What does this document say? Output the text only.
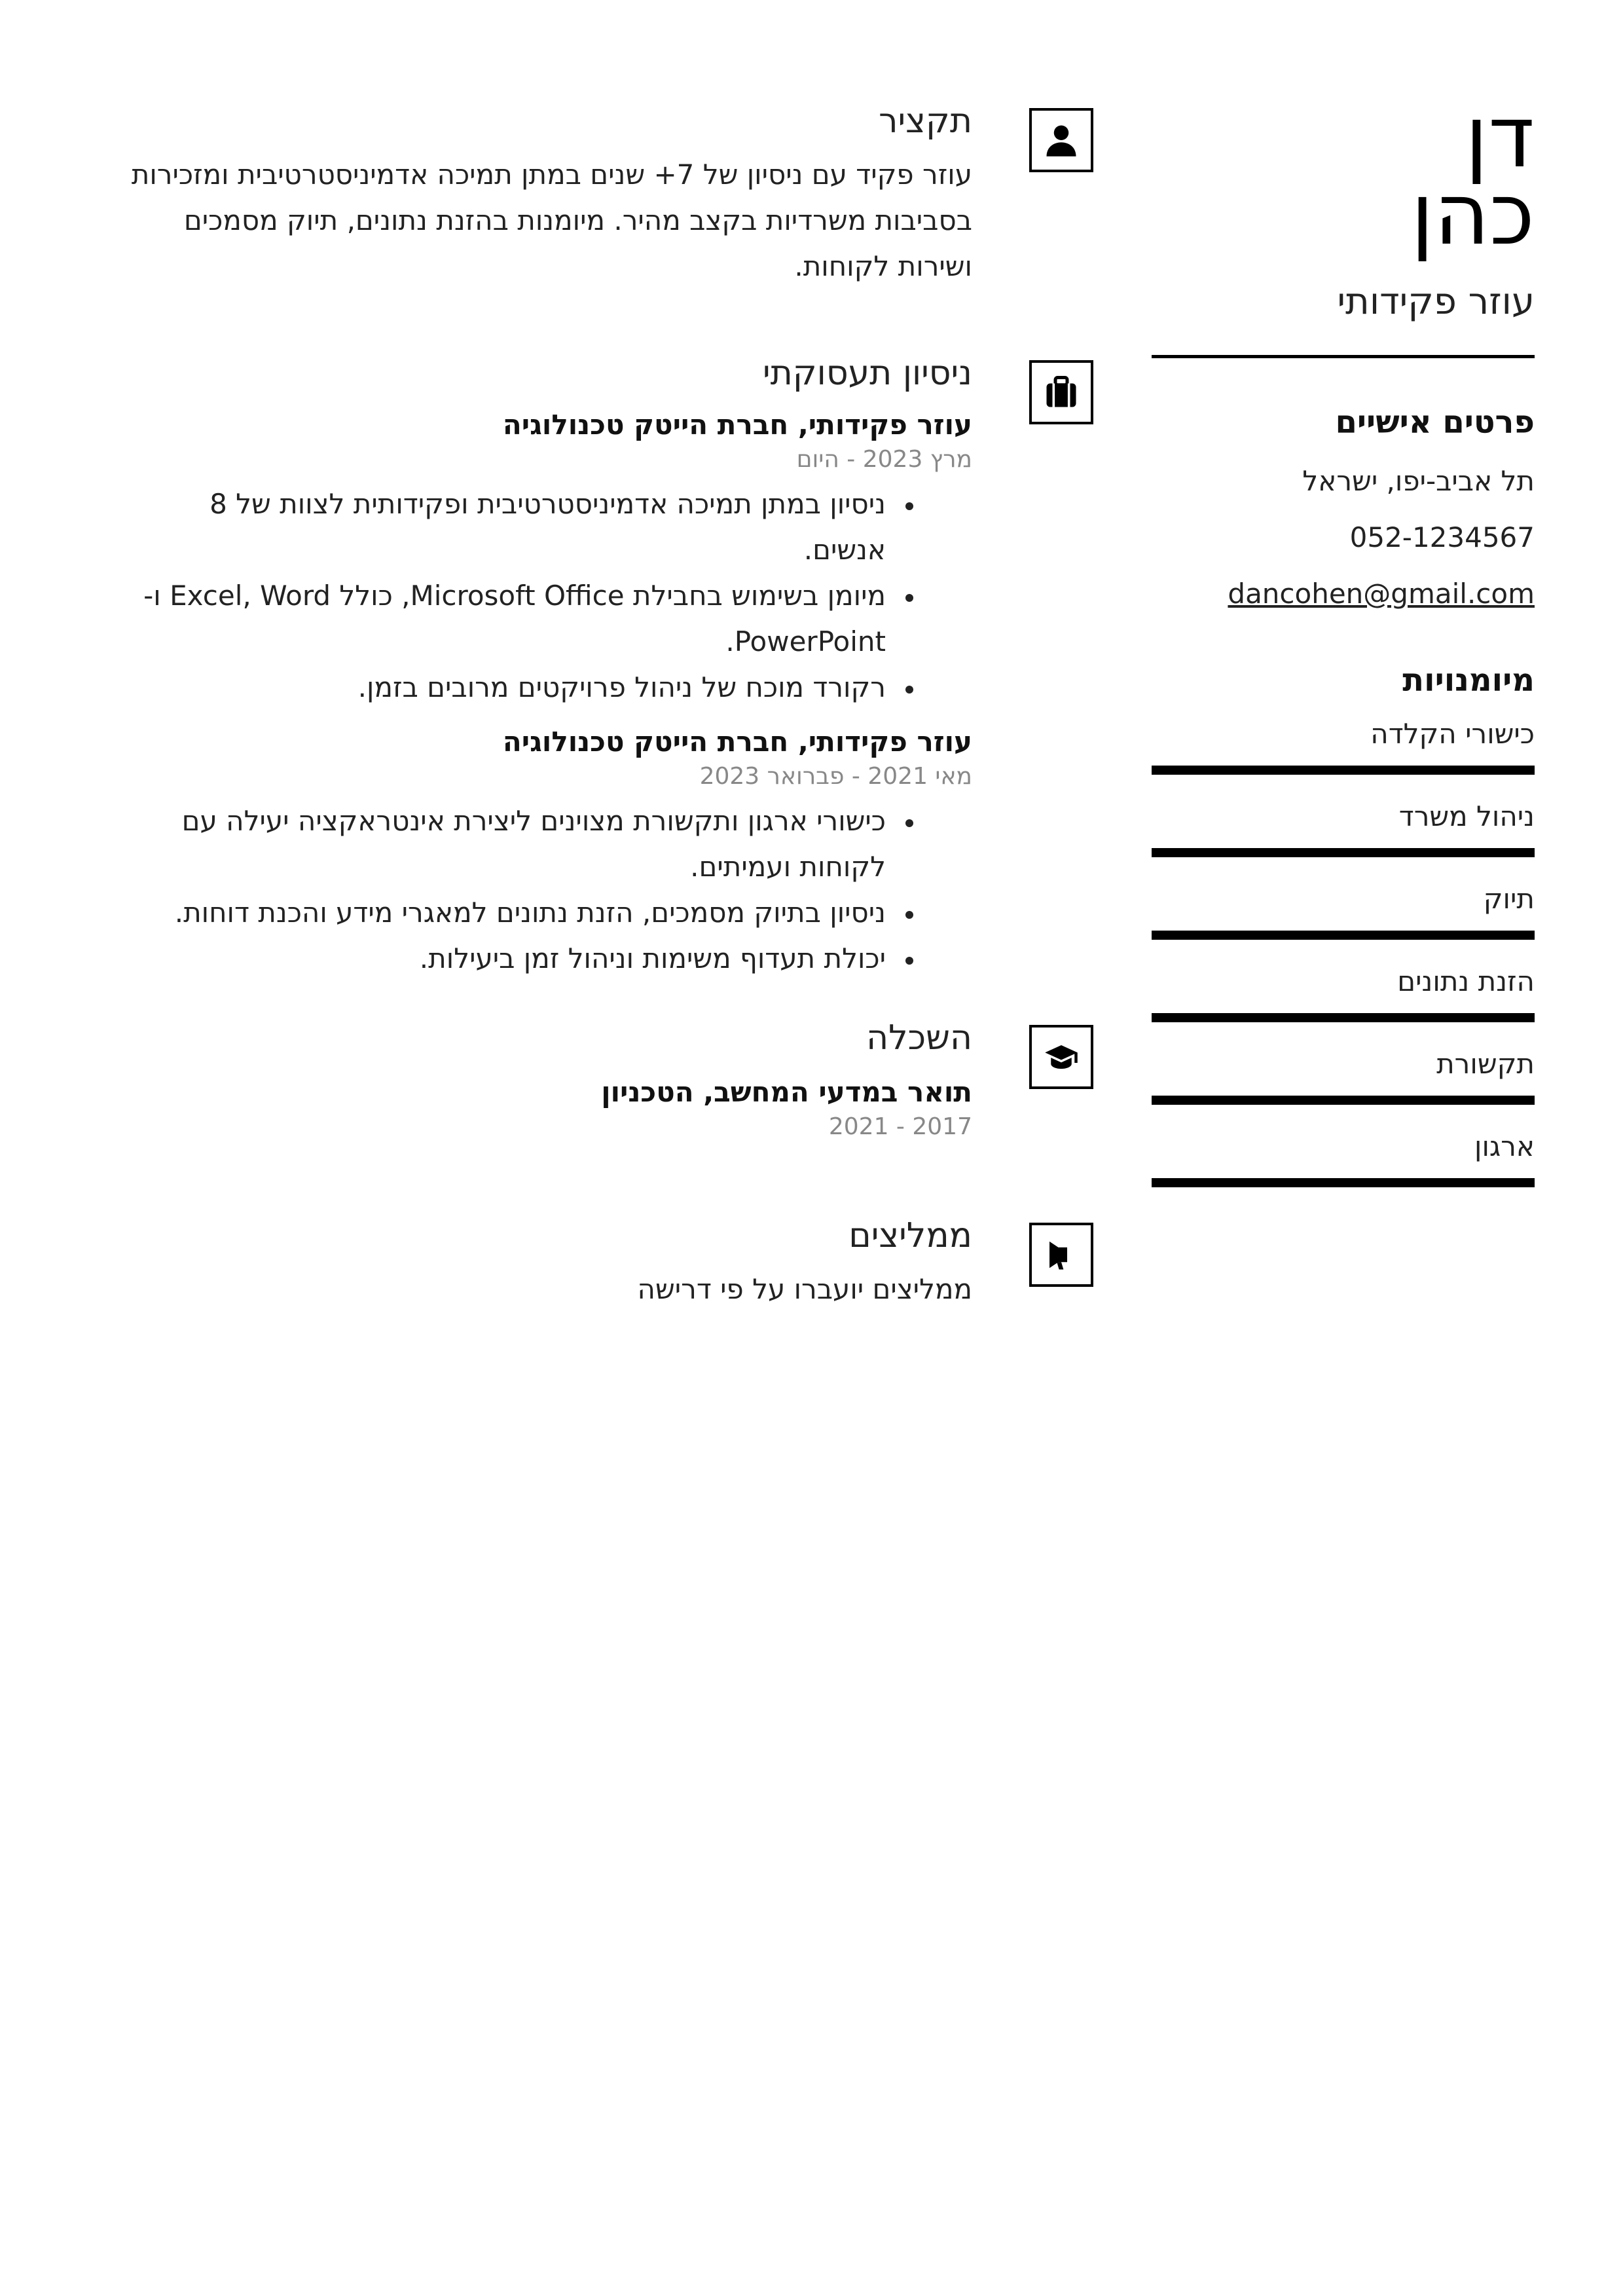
דן
כהן
עוזר פקידותי
פרטים אישיים
תל אביב-יפו, ישראל
052-1234567
dancohen@gmail.com
מיומנויות
כישורי הקלדה
ניהול משרד
תיוק
הזנת נתונים
תקשורת
ארגון
תקציר

עוזר פקיד עם ניסיון של 7+ שנים במתן תמיכה אדמיניסטרטיבית ומזכירות בסביבות משרדיות בקצב מהיר. מיומנות בהזנת נתונים, תיוק מסמכים ושירות לקוחות.

ניסיון תעסוקתי
עוזר פקידותי, חברת הייטק טכנולוגיה
מרץ 2023 - היום
• ניסיון במתן תמיכה אדמיניסטרטיבית ופקידותית לצוות של 8 אנשים.
• מיומן בשימוש בחבילת Microsoft Office, כולל Excel, Word ו-PowerPoint.
• רקורד מוכח של ניהול פרויקטים מרובים בזמן.
עוזר פקידותי, חברת הייטק טכנולוגיה
מאי 2021 - פברואר 2023
• כישורי ארגון ותקשורת מצוינים ליצירת אינטראקציה יעילה עם לקוחות ועמיתים.
• ניסיון בתיוק מסמכים, הזנת נתונים למאגרי מידע והכנת דוחות.
• יכולת תעדוף משימות וניהול זמן ביעילות.
השכלה
תואר במדעי המחשב, הטכניון
2017 - 2021
ממליצים

ממליצים יועברו על פי דרישה
